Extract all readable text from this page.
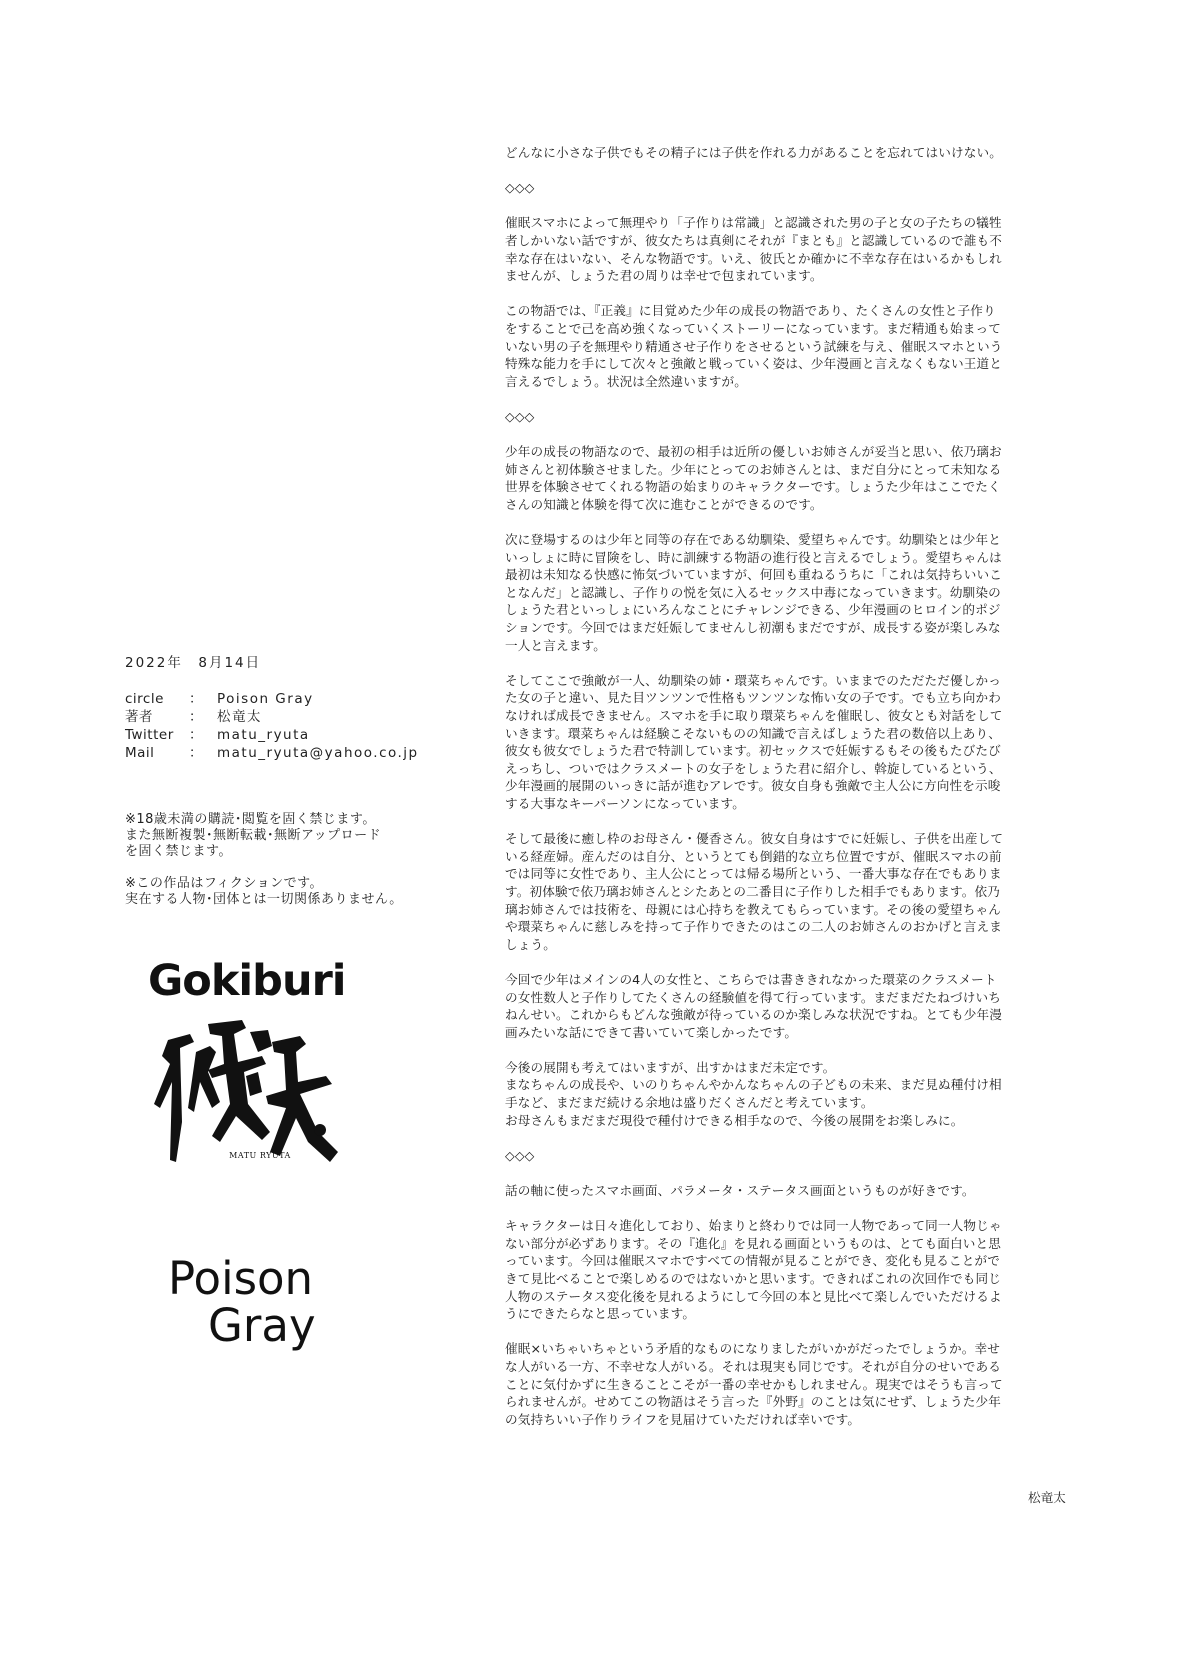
2022年　8月14日
circle	：	Poison Gray
著者	：	松竜太
Twitter	：	matu_ryuta
Mail	：	matu_ryuta@yahoo.co.jp
※18歳未満の購読･閲覧を固く禁じます。
また無断複製･無断転載･無断アップロード
を固く禁じます。
※この作品はフィクションです。
実在する人物･団体とは一切関係ありません。
Gokiburi
MATU RYUTA
Poison
Gray
どんなに小さな子供でもその精子には子供を作れる力があることを忘れてはいけない。
◇◇◇
催眠スマホによって無理やり「子作りは常識」と認識された男の子と女の子たちの犠牲
者しかいない話ですが、彼女たちは真剣にそれが『まとも』と認識しているので誰も不
幸な存在はいない、そんな物語です。いえ、彼氏とか確かに不幸な存在はいるかもしれ
ませんが、しょうた君の周りは幸せで包まれています。
この物語では、『正義』に目覚めた少年の成長の物語であり、たくさんの女性と子作り
をすることで己を高め強くなっていくストーリーになっています。まだ精通も始まって
いない男の子を無理やり精通させ子作りをさせるという試練を与え、催眠スマホという
特殊な能力を手にして次々と強敵と戦っていく姿は、少年漫画と言えなくもない王道と
言えるでしょう。状況は全然違いますが。
◇◇◇
少年の成長の物語なので、最初の相手は近所の優しいお姉さんが妥当と思い、依乃璃お
姉さんと初体験させました。少年にとってのお姉さんとは、まだ自分にとって未知なる
世界を体験させてくれる物語の始まりのキャラクターです。しょうた少年はここでたく
さんの知識と体験を得て次に進むことができるのです。
次に登場するのは少年と同等の存在である幼馴染、愛望ちゃんです。幼馴染とは少年と
いっしょに時に冒険をし、時に訓練する物語の進行役と言えるでしょう。愛望ちゃんは
最初は未知なる快感に怖気づいていますが、何回も重ねるうちに「これは気持ちいいこ
となんだ」と認識し、子作りの悦を気に入るセックス中毒になっていきます。幼馴染の
しょうた君といっしょにいろんなことにチャレンジできる、少年漫画のヒロイン的ポジ
ションです。今回ではまだ妊娠してませんし初潮もまだですが、成長する姿が楽しみな
一人と言えます。
そしてここで強敵が一人、幼馴染の姉・環菜ちゃんです。いままでのただただ優しかっ
た女の子と違い、見た目ツンツンで性格もツンツンな怖い女の子です。でも立ち向かわ
なければ成長できません。スマホを手に取り環菜ちゃんを催眠し、彼女とも対話をして
いきます。環菜ちゃんは経験こそないものの知識で言えばしょうた君の数倍以上あり、
彼女も彼女でしょうた君で特訓しています。初セックスで妊娠するもその後もたびたび
えっちし、ついではクラスメートの女子をしょうた君に紹介し、斡旋しているという、
少年漫画的展開のいっきに話が進むアレです。彼女自身も強敵で主人公に方向性を示唆
する大事なキーパーソンになっています。
そして最後に癒し枠のお母さん・優香さん。彼女自身はすでに妊娠し、子供を出産して
いる経産婦。産んだのは自分、というとても倒錯的な立ち位置ですが、催眠スマホの前
では同等に女性であり、主人公にとっては帰る場所という、一番大事な存在でもありま
す。初体験で依乃璃お姉さんとシたあとの二番目に子作りした相手でもあります。依乃
璃お姉さんでは技術を、母親には心持ちを教えてもらっています。その後の愛望ちゃん
や環菜ちゃんに慈しみを持って子作りできたのはこの二人のお姉さんのおかげと言えま
しょう。
今回で少年はメインの4人の女性と、こちらでは書ききれなかった環菜のクラスメート
の女性数人と子作りしてたくさんの経験値を得て行っています。まだまだたねづけいち
ねんせい。これからもどんな強敵が待っているのか楽しみな状況ですね。とても少年漫
画みたいな話にできて書いていて楽しかったです。
今後の展開も考えてはいますが、出すかはまだ未定です。
まなちゃんの成長や、いのりちゃんやかんなちゃんの子どもの未来、まだ見ぬ種付け相
手など、まだまだ続ける余地は盛りだくさんだと考えています。
お母さんもまだまだ現役で種付けできる相手なので、今後の展開をお楽しみに。
◇◇◇
話の軸に使ったスマホ画面、パラメータ・ステータス画面というものが好きです。
キャラクターは日々進化しており、始まりと終わりでは同一人物であって同一人物じゃ
ない部分が必ずあります。その『進化』を見れる画面というものは、とても面白いと思
っています。今回は催眠スマホですべての情報が見ることができ、変化も見ることがで
きて見比べることで楽しめるのではないかと思います。できればこれの次回作でも同じ
人物のステータス変化後を見れるようにして今回の本と見比べて楽しんでいただけるよ
うにできたらなと思っています。
催眠×いちゃいちゃという矛盾的なものになりましたがいかがだったでしょうか。幸せ
な人がいる一方、不幸せな人がいる。それは現実も同じです。それが自分のせいである
ことに気付かずに生きることこそが一番の幸せかもしれません。現実ではそうも言って
られませんが。せめてこの物語はそう言った『外野』のことは気にせず、しょうた少年
の気持ちいい子作りライフを見届けていただければ幸いです。
松竜太
